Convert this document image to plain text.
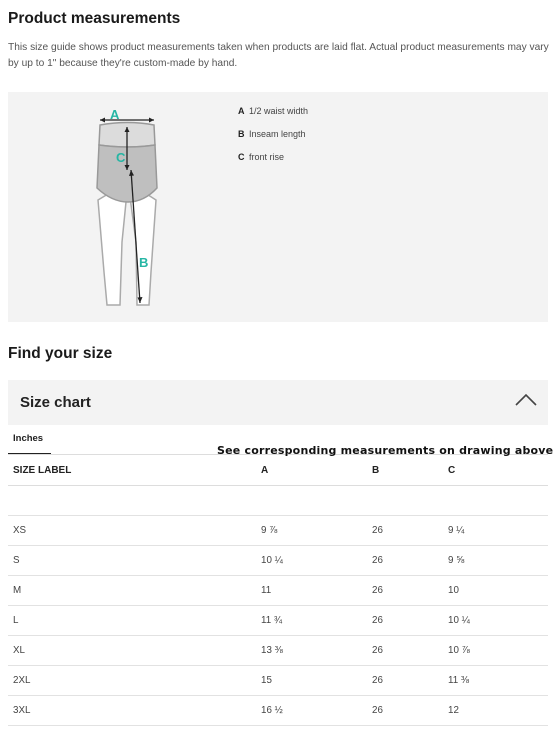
Product measurements
This size guide shows product measurements taken when products are laid flat. Actual product measurements may vary by up to 1" because they're custom-made by hand.
A
C
B
A 1/2 waist width
B Inseam length
C front rise
Find your size
Size chart
Inches
See corresponding measurements on drawing above
SIZE LABEL	A	B	C

XS	9 ⅞	26	9 ¼
S	10 ¼	26	9 ⅝
M	11	26	10
L	11 ¾	26	10 ¼
XL	13 ⅜	26	10 ⅞
2XL	15	26	11 ⅜
3XL	16 ½	26	12
